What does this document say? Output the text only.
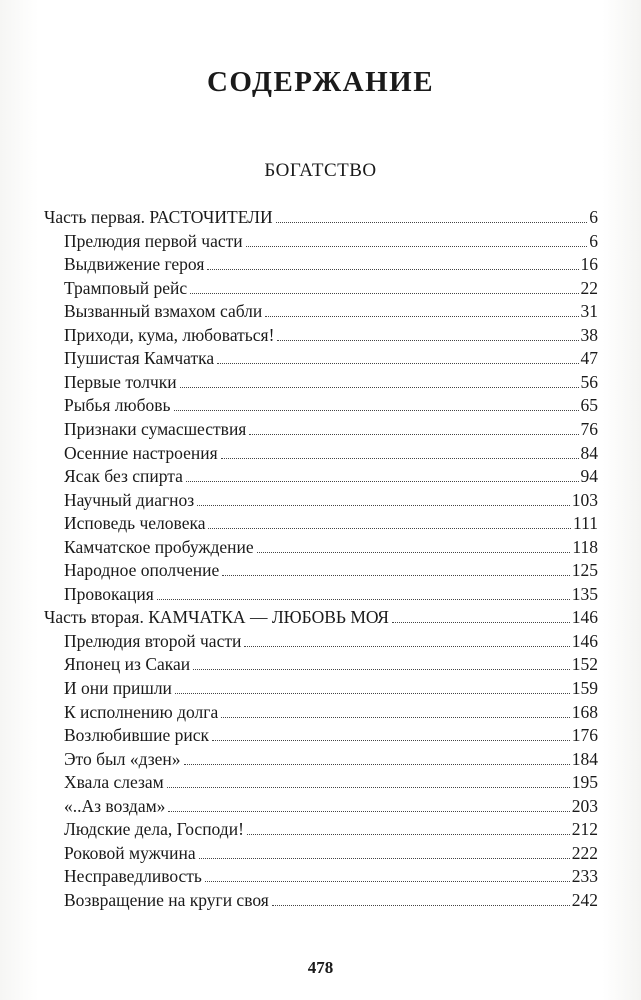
СОДЕРЖАНИЕ
БОГАТСТВО
Часть первая. РАСТОЧИТЕЛИ	6
Прелюдия первой части	6
Выдвижение героя	16
Трамповый рейс	22
Вызванный взмахом сабли	31
Приходи, кума, любоваться!	38
Пушистая Камчатка	47
Первые толчки	56
Рыбья любовь	65
Признаки сумасшествия	76
Осенние настроения	84
Ясак без спирта	94
Научный диагноз	103
Исповедь человека	111
Камчатское пробуждение	118
Народное ополчение	125
Провокация	135
Часть вторая. КАМЧАТКА — ЛЮБОВЬ МОЯ	146
Прелюдия второй части	146
Японец из Сакаи	152
И они пришли	159
К исполнению долга	168
Возлюбившие риск	176
Это был «дзен»	184
Хвала слезам	195
«..Аз воздам»	203
Людские дела, Господи!	212
Роковой мужчина	222
Несправедливость	233
Возвращение на круги своя	242
478
